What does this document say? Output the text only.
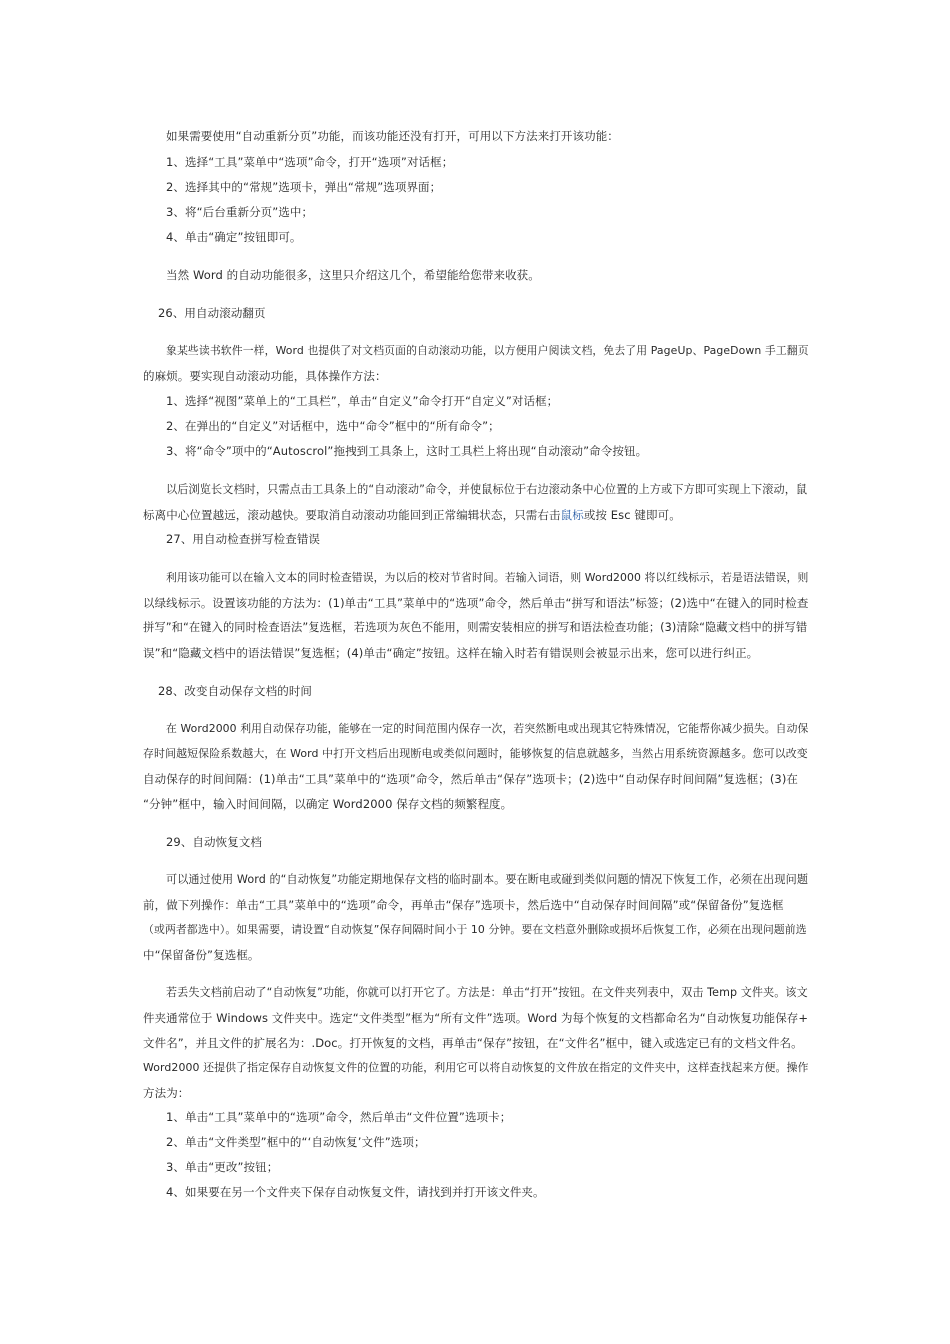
如果需要使用“自动重新分页”功能，而该功能还没有打开，可用以下方法来打开该功能：
1、选择“工具”菜单中“选项”命令，打开“选项”对话框；
2、选择其中的“常规”选项卡，弹出“常规”选项界面；
3、将“后台重新分页”选中；
4、单击“确定”按钮即可。
当然 Word 的自动功能很多，这里只介绍这几个，希望能给您带来收获。
26、用自动滚动翻页
象某些读书软件一样，Word 也提供了对文档页面的自动滚动功能，以方便用户阅读文档，免去了用 PageUp、PageDown 手工翻页
的麻烦。要实现自动滚动功能，具体操作方法：
1、选择“视图”菜单上的“工具栏”，单击“自定义”命令打开“自定义”对话框；
2、在弹出的“自定义”对话框中，选中“命令”框中的“所有命令”；
3、将“命令”项中的“Autoscrol”拖拽到工具条上，这时工具栏上将出现“自动滚动”命令按钮。
以后浏览长文档时，只需点击工具条上的“自动滚动”命令，并使鼠标位于右边滚动条中心位置的上方或下方即可实现上下滚动，鼠
标离中心位置越远，滚动越快。要取消自动滚动功能回到正常编辑状态，只需右击鼠标或按 Esc 键即可。
27、用自动检查拼写检查错误
利用该功能可以在输入文本的同时检查错误，为以后的校对节省时间。若输入词语，则 Word2000 将以红线标示，若是语法错误，则
以绿线标示。设置该功能的方法为：(1)单击“工具”菜单中的“选项”命令，然后单击“拼写和语法”标签；(2)选中“在键入的同时检查
拼写”和“在键入的同时检查语法”复选框，若选项为灰色不能用，则需安装相应的拼写和语法检查功能；(3)清除“隐藏文档中的拼写错
误”和“隐藏文档中的语法错误”复选框；(4)单击“确定”按钮。这样在输入时若有错误则会被显示出来，您可以进行纠正。
28、改变自动保存文档的时间
在 Word2000 利用自动保存功能，能够在一定的时间范围内保存一次，若突然断电或出现其它特殊情况，它能帮你减少损失。自动保
存时间越短保险系数越大，在 Word 中打开文档后出现断电或类似问题时，能够恢复的信息就越多，当然占用系统资源越多。您可以改变
自动保存的时间间隔：(1)单击“工具”菜单中的“选项”命令，然后单击“保存”选项卡；(2)选中“自动保存时间间隔”复选框；(3)在
“分钟”框中，输入时间间隔，以确定 Word2000 保存文档的频繁程度。
29、自动恢复文档
可以通过使用 Word 的“自动恢复”功能定期地保存文档的临时副本。要在断电或碰到类似问题的情况下恢复工作，必须在出现问题
前，做下列操作：单击“工具”菜单中的“选项”命令，再单击“保存”选项卡，然后选中“自动保存时间间隔”或“保留备份”复选框
（或两者都选中）。如果需要，请设置“自动恢复”保存间隔时间小于 10 分钟。要在文档意外删除或损坏后恢复工作，必须在出现问题前选
中“保留备份”复选框。
若丢失文档前启动了“自动恢复”功能，你就可以打开它了。方法是：单击“打开”按钮。在文件夹列表中，双击 Temp 文件夹。该文
件夹通常位于 Windows 文件夹中。选定“文件类型”框为“所有文件”选项。Word 为每个恢复的文档都命名为“自动恢复功能保存+
文件名”，并且文件的扩展名为：.Doc。打开恢复的文档，再单击“保存”按钮，在“文件名”框中，键入或选定已有的文档文件名。
Word2000 还提供了指定保存自动恢复文件的位置的功能，利用它可以将自动恢复的文件放在指定的文件夹中，这样查找起来方便。操作
方法为：
1、单击“工具”菜单中的“选项”命令，然后单击“文件位置”选项卡；
2、单击“文件类型”框中的“‘自动恢复’文件”选项；
3、单击“更改”按钮；
4、如果要在另一个文件夹下保存自动恢复文件，请找到并打开该文件夹。
